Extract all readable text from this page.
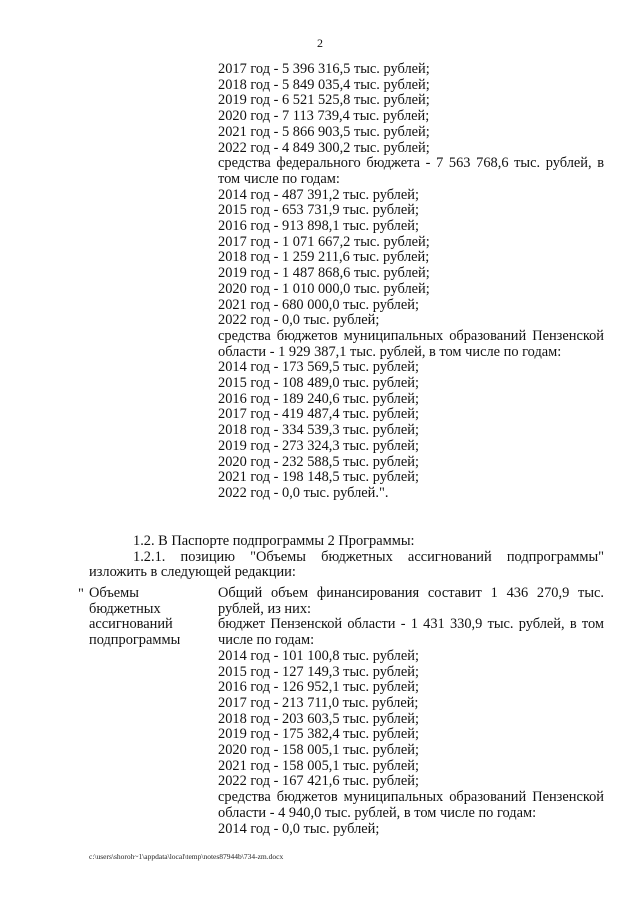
2
2017 год - 5 396 316,5 тыс. рублей;
2018 год - 5 849 035,4 тыс. рублей;
2019 год - 6 521 525,8 тыс. рублей;
2020 год - 7 113 739,4 тыс. рублей;
2021 год - 5 866 903,5 тыс. рублей;
2022 год - 4 849 300,2 тыс. рублей;
средства федерального бюджета - 7 563 768,6 тыс. рублей, в том числе по годам:
2014 год - 487 391,2 тыс. рублей;
2015 год - 653 731,9 тыс. рублей;
2016 год - 913 898,1 тыс. рублей;
2017 год - 1 071 667,2 тыс. рублей;
2018 год - 1 259 211,6 тыс. рублей;
2019 год - 1 487 868,6 тыс. рублей;
2020 год - 1 010 000,0 тыс. рублей;
2021 год - 680 000,0 тыс. рублей;
2022 год - 0,0 тыс. рублей;
средства бюджетов муниципальных образований Пензенской области - 1 929 387,1 тыс. рублей, в том числе по годам:
2014 год - 173 569,5 тыс. рублей;
2015 год - 108 489,0 тыс. рублей;
2016 год - 189 240,6 тыс. рублей;
2017 год - 419 487,4 тыс. рублей;
2018 год - 334 539,3 тыс. рублей;
2019 год - 273 324,3 тыс. рублей;
2020 год - 232 588,5 тыс. рублей;
2021 год - 198 148,5 тыс. рублей;
2022 год - 0,0 тыс. рублей.".
1.2. В Паспорте подпрограммы 2 Программы:
1.2.1. позицию "Объемы бюджетных ассигнований подпрограммы" изложить в следующей редакции:
" Объемы
бюджетных
ассигнований
подпрограммы
Общий объем финансирования составит 1 436 270,9 тыс. рублей, из них:
бюджет Пензенской области - 1 431 330,9 тыс. рублей, в том числе по годам:
2014 год - 101 100,8 тыс. рублей;
2015 год - 127 149,3 тыс. рублей;
2016 год - 126 952,1 тыс. рублей;
2017 год - 213 711,0 тыс. рублей;
2018 год - 203 603,5 тыс. рублей;
2019 год - 175 382,4 тыс. рублей;
2020 год - 158 005,1 тыс. рублей;
2021 год - 158 005,1 тыс. рублей;
2022 год - 167 421,6 тыс. рублей;
средства бюджетов муниципальных образований Пензенской области - 4 940,0 тыс. рублей, в том числе по годам:
2014 год - 0,0 тыс. рублей;
c:\users\shoroh~1\appdata\local\temp\notes87944b\734-zm.docx
